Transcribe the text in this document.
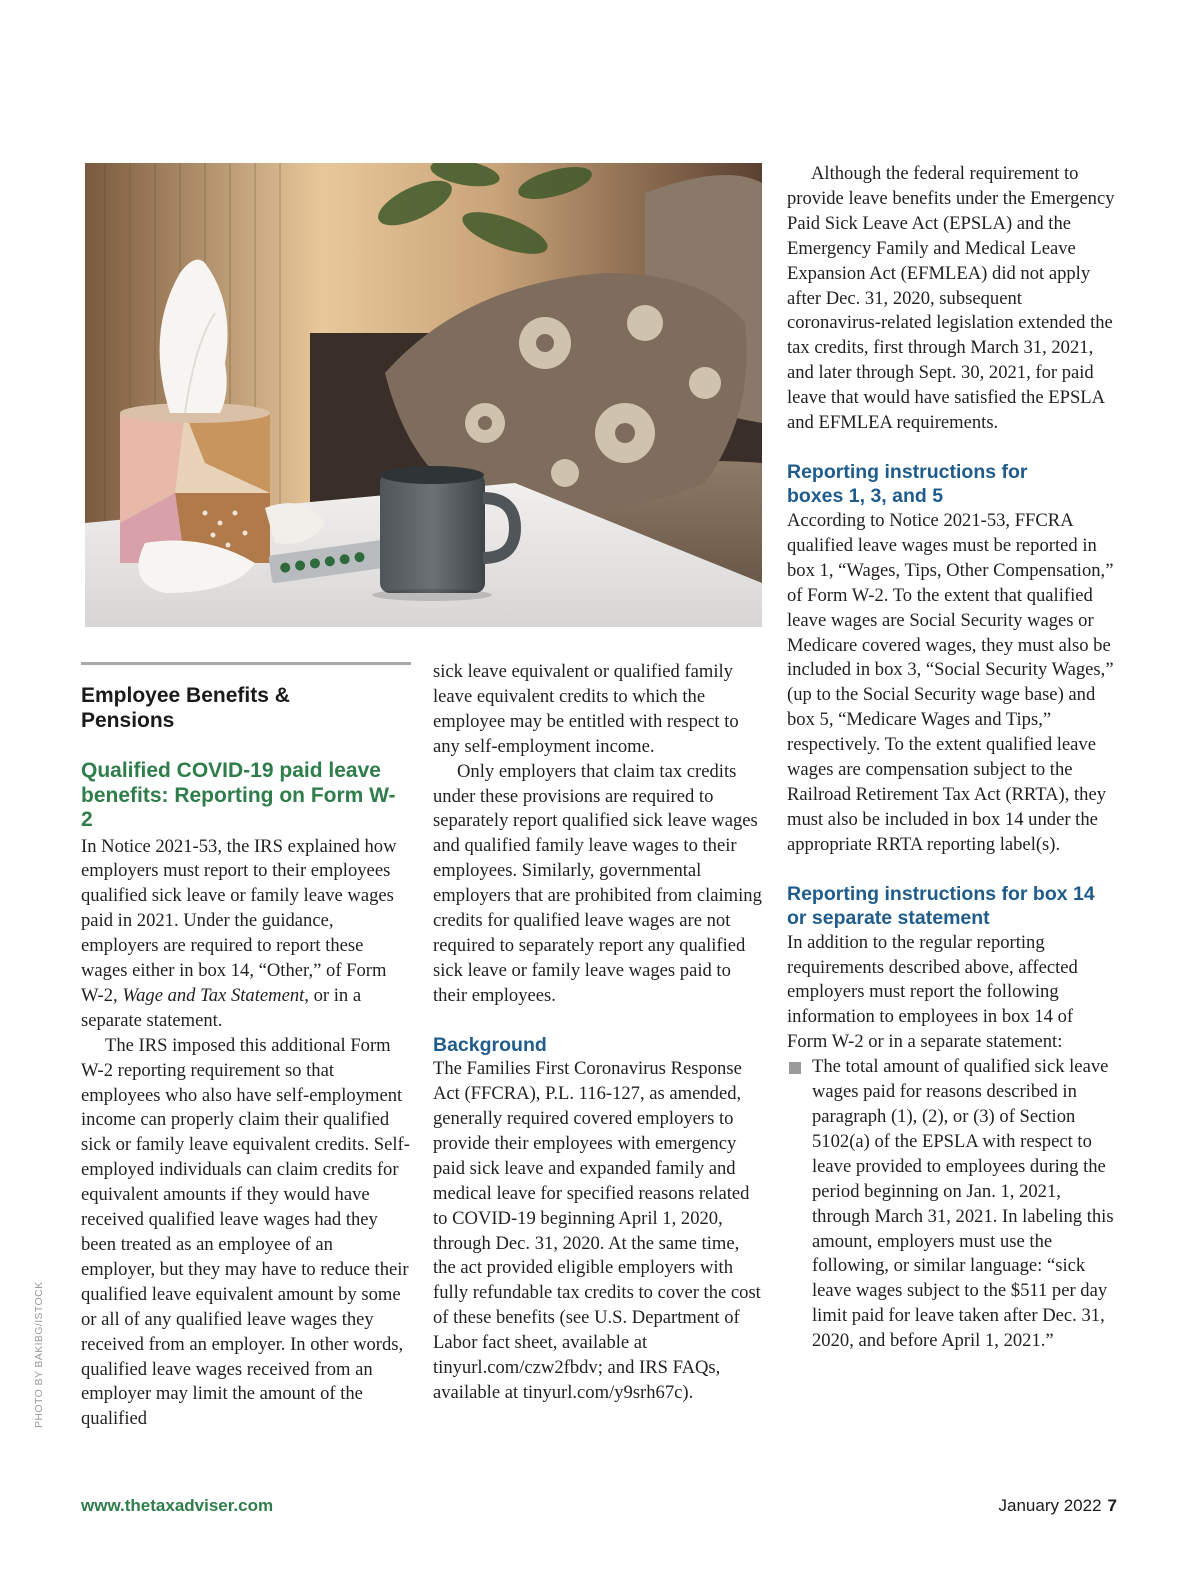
PHOTO BY BAKIBG/ISTOCK
Employee Benefits & Pensions
Qualified COVID-19 paid leave benefits: Reporting on Form W-2

In Notice 2021-53, the IRS explained how employers must report to their employees qualified sick leave or family leave wages paid in 2021. Under the guidance, employers are required to report these wages either in box 14, “Other,” of Form W-2, Wage and Tax Statement, or in a separate statement.

The IRS imposed this additional Form W-2 reporting requirement so that employees who also have self-employment income can properly claim their qualified sick or family leave equivalent credits. Self-employed individuals can claim credits for equivalent amounts if they would have received qualified leave wages had they been treated as an employee of an employer, but they may have to reduce their qualified leave equivalent amount by some or all of any qualified leave wages they received from an employer. In other words, qualified leave wages received from an employer may limit the amount of the qualified

sick leave equivalent or qualified family leave equivalent credits to which the employee may be entitled with respect to any self-employment income.

Only employers that claim tax credits under these provisions are required to separately report qualified sick leave wages and qualified family leave wages to their employees. Similarly, governmental employers that are prohibited from claiming credits for qualified leave wages are not required to separately report any qualified sick leave or family leave wages paid to their employees.

Background

The Families First Coronavirus Response Act (FFCRA), P.L. 116-127, as amended, generally required covered employers to provide their employees with emergency paid sick leave and expanded family and medical leave for specified reasons related to COVID-19 beginning April 1, 2020, through Dec. 31, 2020. At the same time, the act provided eligible employers with fully refundable tax credits to cover the cost of these benefits (see U.S. Department of Labor fact sheet, available at tinyurl.com/czw2fbdv; and IRS FAQs, available at tinyurl.com/y9srh67c).

Although the federal requirement to provide leave benefits under the Emergency Paid Sick Leave Act (EPSLA) and the Emergency Family and Medical Leave Expansion Act (EFMLEA) did not apply after Dec. 31, 2020, subsequent coronavirus-related legislation extended the tax credits, first through March 31, 2021, and later through Sept. 30, 2021, for paid leave that would have satisfied the EPSLA and EFMLEA requirements.

Reporting instructions for boxes 1, 3, and 5

According to Notice 2021-53, FFCRA qualified leave wages must be reported in box 1, “Wages, Tips, Other Compensation,” of Form W-2. To the extent that qualified leave wages are Social Security wages or Medicare covered wages, they must also be included in box 3, “Social Security Wages,” (up to the Social Security wage base) and box 5, “Medicare Wages and Tips,” respectively. To the extent qualified leave wages are compensation subject to the Railroad Retirement Tax Act (RRTA), they must also be included in box 14 under the appropriate RRTA reporting label(s).

Reporting instructions for box 14 or separate statement

In addition to the regular reporting requirements described above, affected employers must report the following information to employees in box 14 of Form W-2 or in a separate statement:

The total amount of qualified sick leave wages paid for reasons described in paragraph (1), (2), or (3) of Section 5102(a) of the EPSLA with respect to leave provided to employees during the period beginning on Jan. 1, 2021, through March 31, 2021. In labeling this amount, employers must use the following, or similar language: “sick leave wages subject to the $511 per day limit paid for leave taken after Dec. 31, 2020, and before April 1, 2021.”

www.thetaxadviser.com	January 2022 7
